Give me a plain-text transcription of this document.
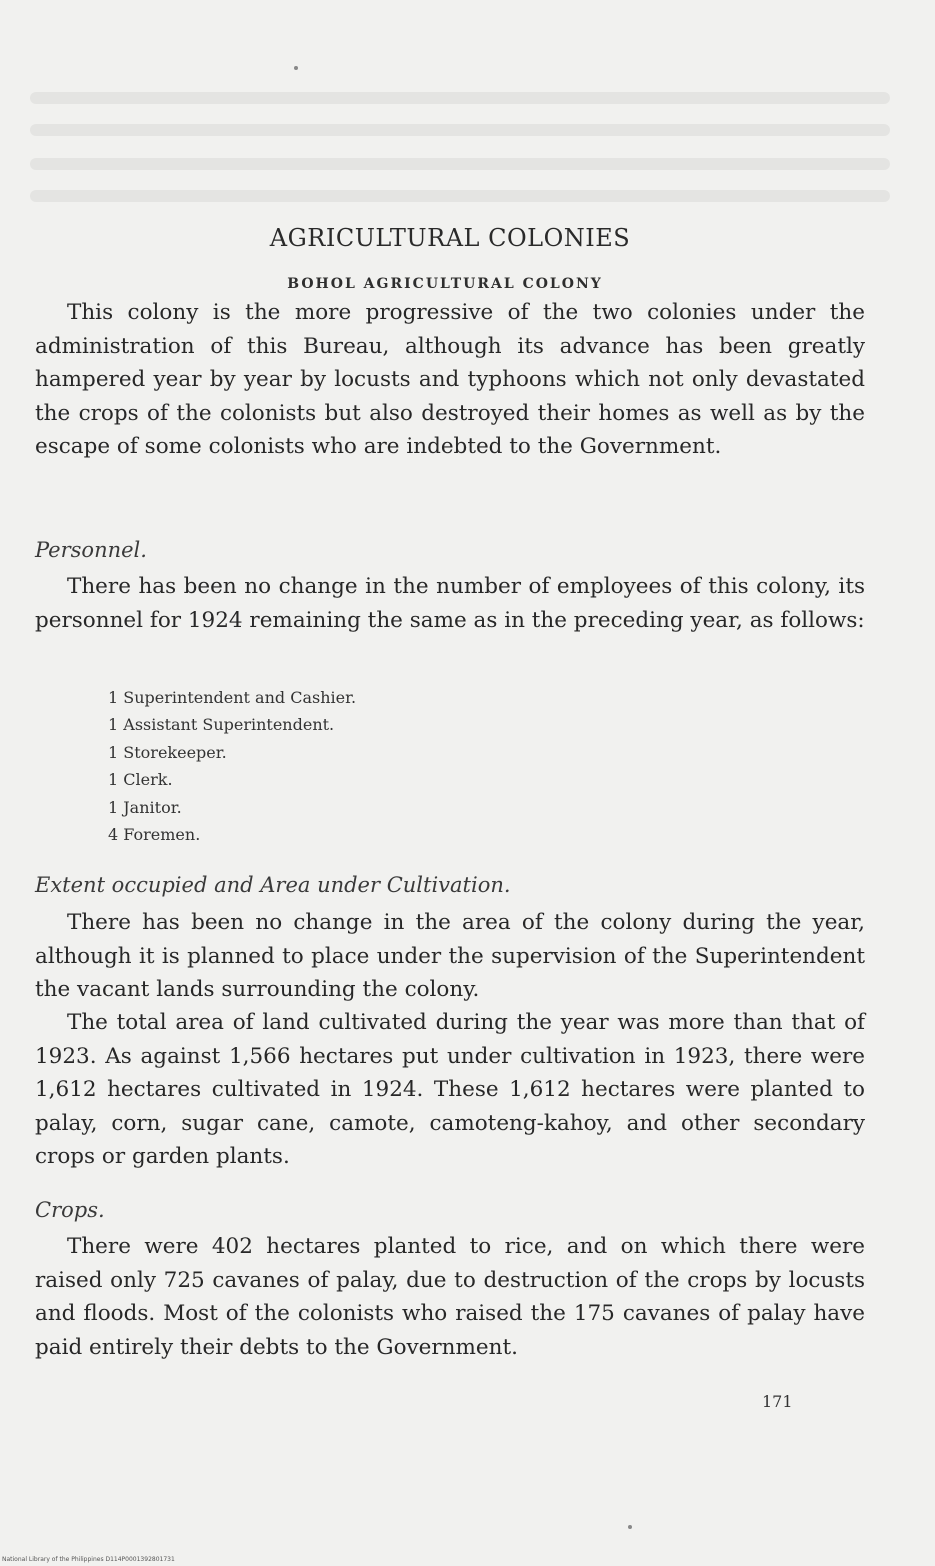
AGRICULTURAL COLONIES
BOHOL AGRICULTURAL COLONY

This colony is the more progressive of the two colonies under the administration of this Bureau, although its advance has been greatly hampered year by year by locusts and typhoons which not only devastated the crops of the colonists but also destroyed their homes as well as by the escape of some colonists who are indebted to the Government.

Personnel.

There has been no change in the number of employees of this colony, its personnel for 1924 remaining the same as in the preceding year, as follows:

1 Superintendent and Cashier.
1 Assistant Superintendent.
1 Storekeeper.
1 Clerk.
1 Janitor.
4 Foremen.
Extent occupied and Area under Cultivation.

There has been no change in the area of the colony during the year, although it is planned to place under the supervision of the Superintendent the vacant lands surrounding the colony.

The total area of land cultivated during the year was more than that of 1923. As against 1,566 hectares put under cultivation in 1923, there were 1,612 hectares cultivated in 1924. These 1,612 hectares were planted to palay, corn, sugar cane, camote, camoteng-kahoy, and other secondary crops or garden plants.

Crops.

There were 402 hectares planted to rice, and on which there were raised only 725 cavanes of palay, due to destruction of the crops by locusts and floods. Most of the colonists who raised the 175 cavanes of palay have paid entirely their debts to the Government.

171
National Library of the Philippines D114P0001392801731
